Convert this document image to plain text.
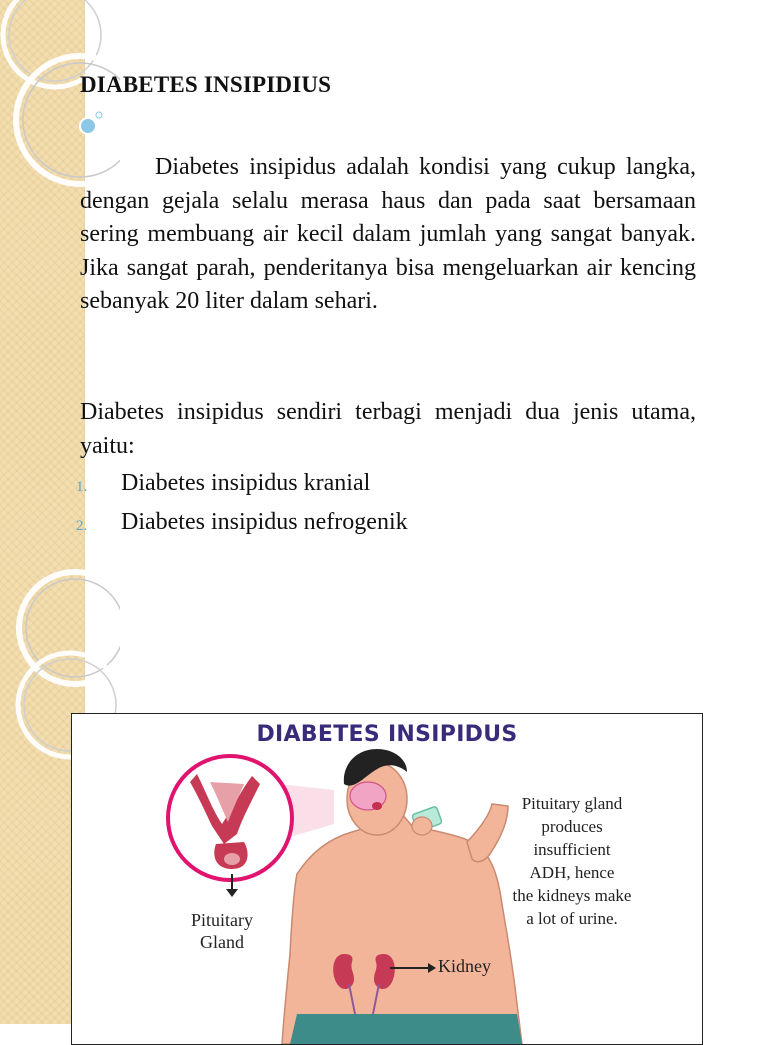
DIABETES INSIPIDIUS

Diabetes insipidus adalah kondisi yang cukup langka, dengan gejala selalu merasa haus dan pada saat bersamaan sering membuang air kecil dalam jumlah yang sangat banyak. Jika sangat parah, penderitanya bisa mengeluarkan air kencing sebanyak 20 liter dalam sehari.

Diabetes insipidus sendiri terbagi menjadi dua jenis utama, yaitu:

1. Diabetes insipidus kranial
2. Diabetes insipidus nefrogenik
DIABETES INSIPIDUS
Pituitary gland
produces
insufficient
ADH, hence
the kidneys make
a lot of urine.
Pituitary
Gland
Kidney
